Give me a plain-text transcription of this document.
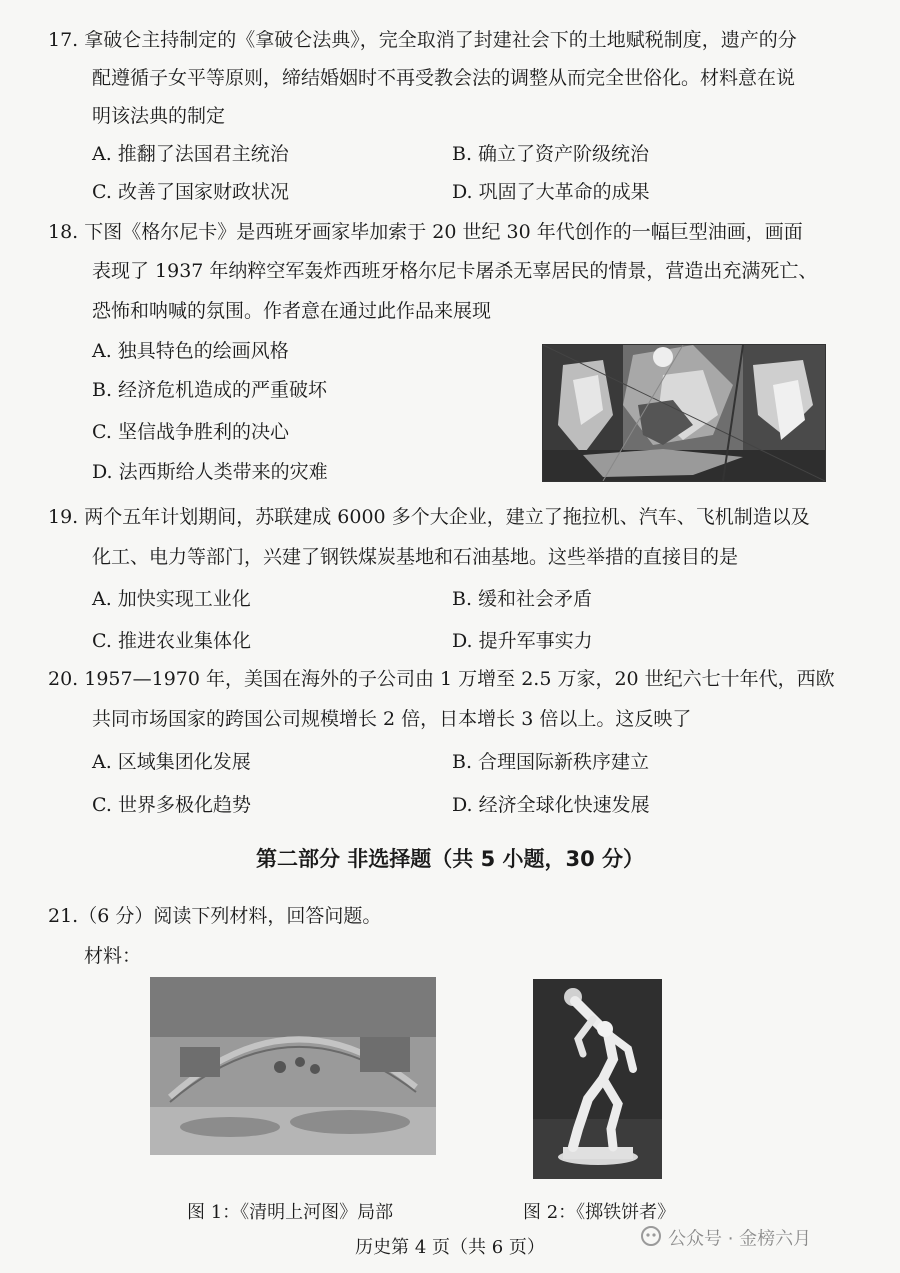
17. 拿破仑主持制定的《拿破仑法典》，完全取消了封建社会下的土地赋税制度，遗产的分
配遵循子女平等原则，缔结婚姻时不再受教会法的调整从而完全世俗化。材料意在说
明该法典的制定
A. 推翻了法国君主统治	B. 确立了资产阶级统治
C. 改善了国家财政状况	D. 巩固了大革命的成果
18. 下图《格尔尼卡》是西班牙画家毕加索于 20 世纪 30 年代创作的一幅巨型油画，画面
表现了 1937 年纳粹空军轰炸西班牙格尔尼卡屠杀无辜居民的情景，营造出充满死亡、
恐怖和呐喊的氛围。作者意在通过此作品来展现
A. 独具特色的绘画风格
B. 经济危机造成的严重破坏
C. 坚信战争胜利的决心
D. 法西斯给人类带来的灾难
19. 两个五年计划期间，苏联建成 6000 多个大企业，建立了拖拉机、汽车、飞机制造以及
化工、电力等部门，兴建了钢铁煤炭基地和石油基地。这些举措的直接目的是
A. 加快实现工业化	B. 缓和社会矛盾
C. 推进农业集体化	D. 提升军事实力
20. 1957—1970 年，美国在海外的子公司由 1 万增至 2.5 万家，20 世纪六七十年代，西欧
共同市场国家的跨国公司规模增长 2 倍，日本增长 3 倍以上。这反映了
A. 区域集团化发展	B. 合理国际新秩序建立
C. 世界多极化趋势	D. 经济全球化快速发展
第二部分 非选择题（共 5 小题，30 分）
21.（6 分）阅读下列材料，回答问题。
材料：
图 1：《清明上河图》局部	图 2：《掷铁饼者》
历史第 4 页（共 6 页）	公众号 · 金榜六月
